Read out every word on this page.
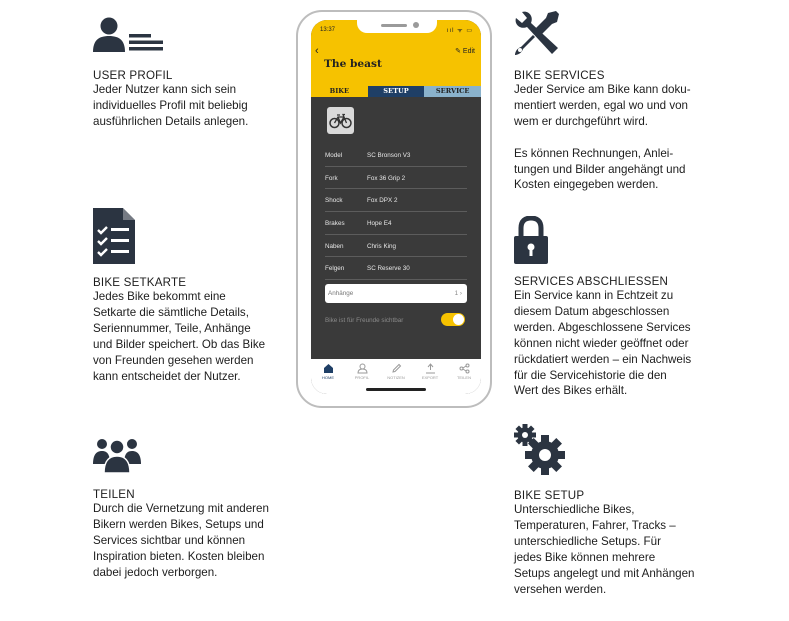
USER PROFIL

Jeder Nutzer kann sich sein
individuelles Profil mit beliebig
ausführlichen Details anlegen.

BIKE SETKARTE

Jedes Bike bekommt eine
Setkarte die sämtliche Details,
Seriennummer, Teile, Anhänge
und Bilder speichert. Ob das Bike
von Freunden gesehen werden
kann entscheidet der Nutzer.

TEILEN

Durch die Vernetzung mit anderen
Bikern werden Bikes, Setups und
Services sichtbar und können
Inspiration bieten. Kosten bleiben
dabei jedoch verborgen.

BIKE SERVICES

Jeder Service am Bike kann doku-
mentiert werden, egal wo und von
wem er durchgeführt wird.

Es können Rechnungen, Anlei-
tungen und Bilder angehängt und
Kosten eingegeben werden.

SERVICES ABSCHLIESSEN

Ein Service kann in Echtzeit zu
diesem Datum abgeschlossen
werden. Abgeschlossene Services
können nicht wieder geöffnet oder
rückdatiert werden – ein Nachweis
für die Servicehistorie die den
Wert des Bikes erhält.

BIKE SETUP

Unterschiedliche Bikes,
Temperaturen, Fahrer, Tracks –
unterschiedliche Setups. Für
jedes Bike können mehrere
Setups angelegt und mit Anhängen
versehen werden.

13:37	ııl ᯤ ▭
‹	✎ Edit
The beast
BIKE	SETUP	SERVICE
Model	SC Bronson V3
Fork	Fox 36 Grip 2
Shock	Fox DPX 2
Brakes	Hope E4
Naben	Chris King
Felgen	SC Reserve 30
Anhänge	1 ›
Bike ist für Freunde sichtbar
HOME	PROFIL	NOTIZEN	EXPORT	TEILEN
